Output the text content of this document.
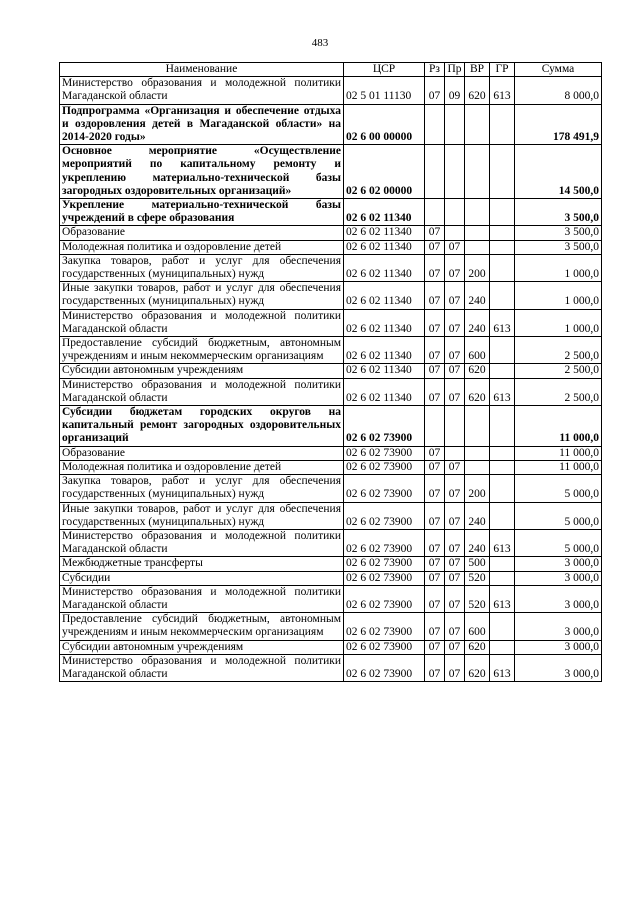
483
Наименование	ЦСР	Рз	Пр	ВР	ГР	Сумма
Министерство образования и молодежной политики Магаданской области	02 5 01 11130	07	09	620	613	8 000,0
Подпрограмма «Организация и обеспечение отдыха и оздоровления детей в Магаданской области» на 2014-2020 годы»	02 6 00 00000					178 491,9
Основное мероприятие «Осуществление мероприятий по капитальному ремонту и укреплению материально-технической базы загородных оздоровительных организаций»	02 6 02 00000					14 500,0
Укрепление материально-технической базы учреждений в сфере образования	02 6 02 11340					3 500,0
Образование	02 6 02 11340	07				3 500,0
Молодежная политика и оздоровление детей	02 6 02 11340	07	07			3 500,0
Закупка товаров, работ и услуг для обеспечения государственных (муниципальных) нужд	02 6 02 11340	07	07	200		1 000,0
Иные закупки товаров, работ и услуг для обеспечения государственных (муниципальных) нужд	02 6 02 11340	07	07	240		1 000,0
Министерство образования и молодежной политики Магаданской области	02 6 02 11340	07	07	240	613	1 000,0
Предоставление субсидий бюджетным, автономным учреждениям и иным некоммерческим организациям	02 6 02 11340	07	07	600		2 500,0
Субсидии автономным учреждениям	02 6 02 11340	07	07	620		2 500,0
Министерство образования и молодежной политики Магаданской области	02 6 02 11340	07	07	620	613	2 500,0
Субсидии бюджетам городских округов на капитальный ремонт загородных оздоровительных организаций	02 6 02 73900					11 000,0
Образование	02 6 02 73900	07				11 000,0
Молодежная политика и оздоровление детей	02 6 02 73900	07	07			11 000,0
Закупка товаров, работ и услуг для обеспечения государственных (муниципальных) нужд	02 6 02 73900	07	07	200		5 000,0
Иные закупки товаров, работ и услуг для обеспечения государственных (муниципальных) нужд	02 6 02 73900	07	07	240		5 000,0
Министерство образования и молодежной политики Магаданской области	02 6 02 73900	07	07	240	613	5 000,0
Межбюджетные трансферты	02 6 02 73900	07	07	500		3 000,0
Субсидии	02 6 02 73900	07	07	520		3 000,0
Министерство образования и молодежной политики Магаданской области	02 6 02 73900	07	07	520	613	3 000,0
Предоставление субсидий бюджетным, автономным учреждениям и иным некоммерческим организациям	02 6 02 73900	07	07	600		3 000,0
Субсидии автономным учреждениям	02 6 02 73900	07	07	620		3 000,0
Министерство образования и молодежной политики Магаданской области	02 6 02 73900	07	07	620	613	3 000,0
